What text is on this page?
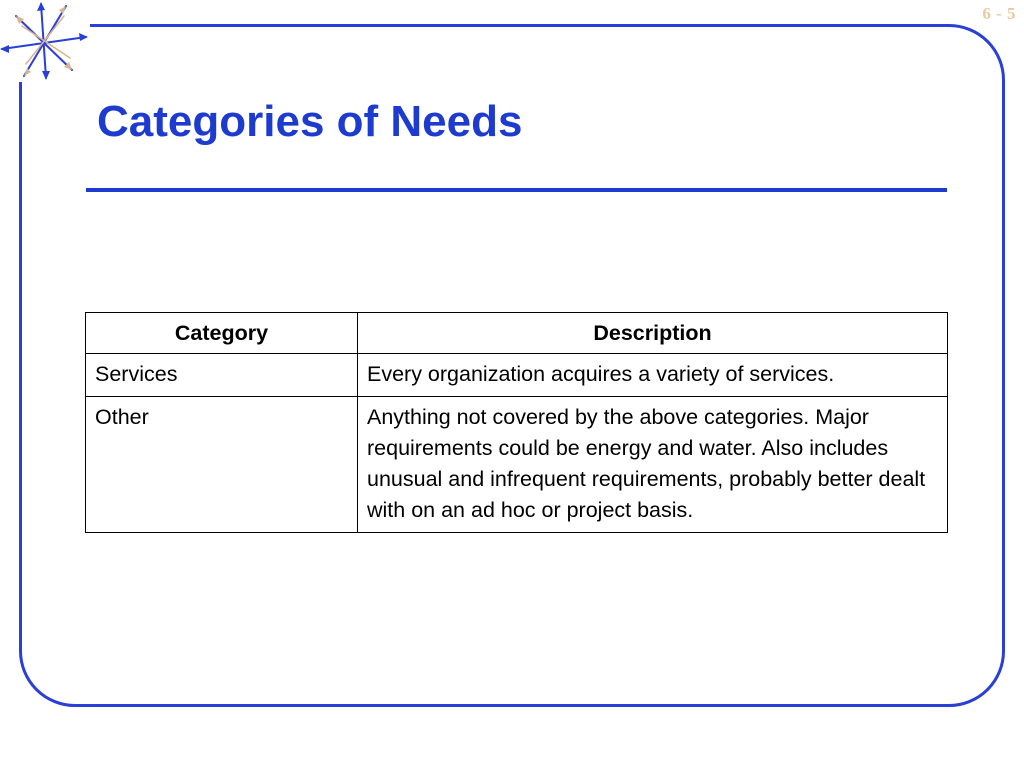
6 - 5
Categories of Needs
Category	Description
Services	Every organization acquires a variety of services.
Other	Anything not covered by the above categories. Major requirements could be energy and water. Also includes unusual and infrequent requirements, probably better dealt with on an ad hoc or project basis.
